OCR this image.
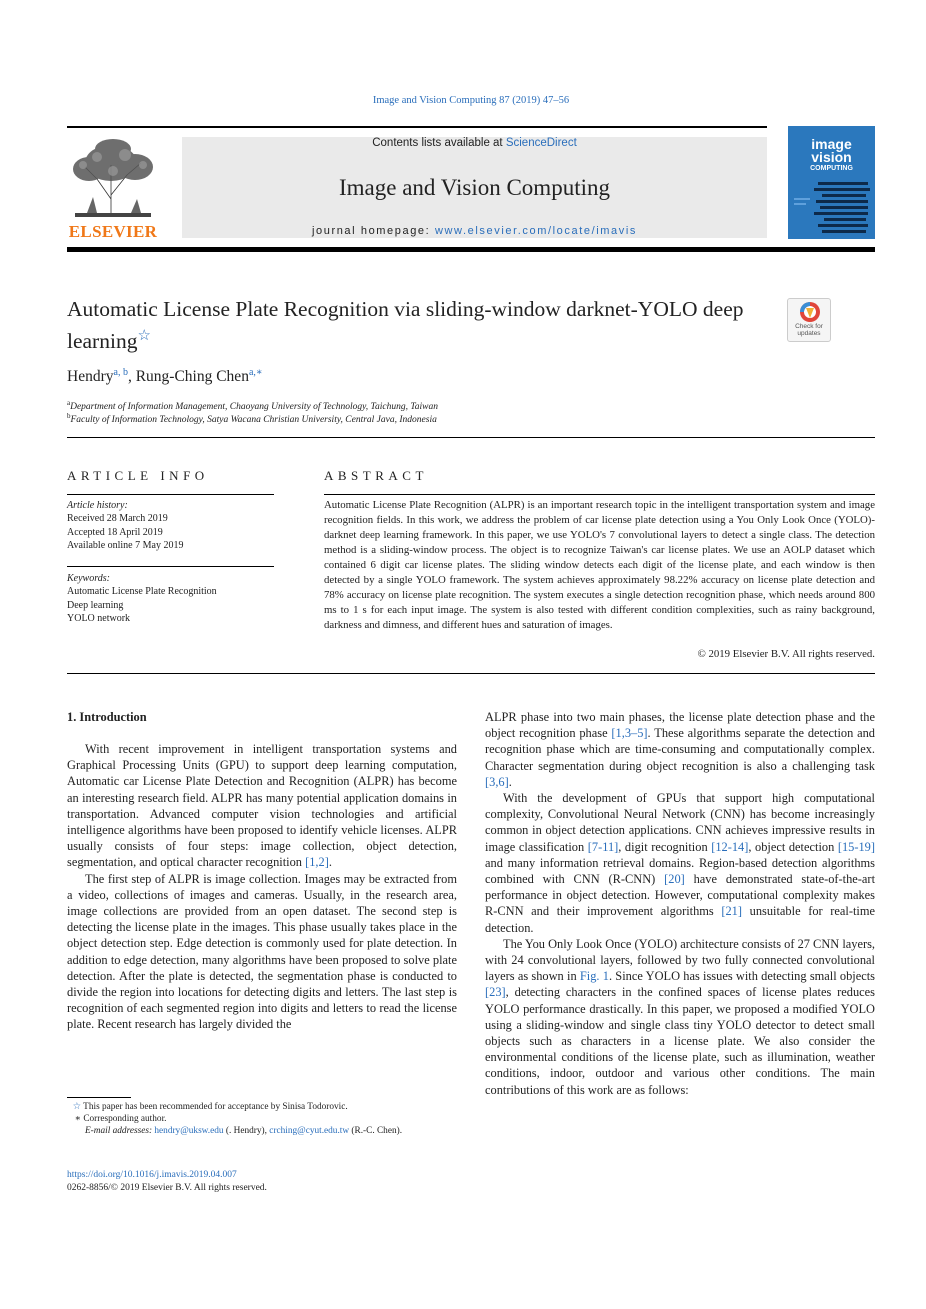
Image and Vision Computing 87 (2019) 47–56
ELSEVIER
Contents lists available at ScienceDirect
Image and Vision Computing
journal homepage: www.elsevier.com/locate/imavis
image
vision
COMPUTING
Automatic License Plate Recognition via sliding-window darknet-YOLO deep learning☆
Check for
updates
Hendry$^{a, b}$, Rung-Ching Chen$^{a,∗}$
$^a$Department of Information Management, Chaoyang University of Technology, Taichung, Taiwan
$^b$Faculty of Information Technology, Satya Wacana Christian University, Central Java, Indonesia
ARTICLE INFO
Article history:
Received 28 March 2019
Accepted 18 April 2019
Available online 7 May 2019
Keywords:
Automatic License Plate Recognition
Deep learning
YOLO network
ABSTRACT
Automatic License Plate Recognition (ALPR) is an important research topic in the intelligent transportation system and image recognition fields. In this work, we address the problem of car license plate detection using a You Only Look Once (YOLO)-darknet deep learning framework. In this paper, we use YOLO's 7 convolutional layers to detect a single class. The detection method is a sliding-window process. The object is to recognize Taiwan's car license plates. We use an AOLP dataset which contained 6 digit car license plates. The sliding window detects each digit of the license plate, and each window is then detected by a single YOLO framework. The system achieves approximately 98.22% accuracy on license plate detection and 78% accuracy on license plate recognition. The system executes a single detection recognition phase, which needs around 800 ms to 1 s for each input image. The system is also tested with different condition complexities, such as rainy background, darkness and dimness, and different hues and saturation of images.
© 2019 Elsevier B.V. All rights reserved.
1. Introduction

With recent improvement in intelligent transportation systems and Graphical Processing Units (GPU) to support deep learning computation, Automatic car License Plate Detection and Recognition (ALPR) has become an interesting research field. ALPR has many potential application domains in transportation. Advanced computer vision technologies and artificial intelligence algorithms have been proposed to identify vehicle licenses. ALPR usually consists of four steps: image collection, object detection, segmentation, and optical character recognition [1,2].

The first step of ALPR is image collection. Images may be extracted from a video, collections of images and cameras. Usually, in the research area, image collections are provided from an open dataset. The second step is detecting the license plate in the images. This phase usually takes place in the object detection step. Edge detection is commonly used for plate detection. In addition to edge detection, many algorithms have been proposed to solve plate detection. After the plate is detected, the segmentation phase is conducted to divide the region into locations for detecting digits and letters. The last step is recognition of each segmented region into digits and letters to read the license plate. Recent research has largely divided the

ALPR phase into two main phases, the license plate detection phase and the object recognition phase [1,3–5]. These algorithms separate the detection and recognition phase which are time-consuming and computationally complex. Character segmentation during object recognition is also a challenging task [3,6].

With the development of GPUs that support high computational complexity, Convolutional Neural Network (CNN) has become increasingly common in object detection applications. CNN achieves impressive results in image classification [7-11], digit recognition [12-14], object detection [15-19] and many information retrieval domains. Region-based detection algorithms combined with CNN (R-CNN) [20] have demonstrated state-of-the-art performance in object detection. However, computational complexity makes R-CNN and their improvement algorithms [21] unsuitable for real-time detection.

The You Only Look Once (YOLO) architecture consists of 27 CNN layers, with 24 convolutional layers, followed by two fully connected convolutional layers as shown in Fig. 1. Since YOLO has issues with detecting small objects [23], detecting characters in the confined spaces of license plates reduces YOLO performance drastically. In this paper, we proposed a modified YOLO using a sliding-window and single class tiny YOLO detector to detect small objects such as characters in a license plate. We also consider the environmental conditions of the license plate, such as illumination, weather conditions, indoor, outdoor and various other conditions. The main contributions of this work are as follows:

☆ This paper has been recommended for acceptance by Sinisa Todorovic.
∗ Corresponding author.
E-mail addresses: hendry@uksw.edu (. Hendry), crching@cyut.edu.tw (R.-C. Chen).
https://doi.org/10.1016/j.imavis.2019.04.007
0262-8856/© 2019 Elsevier B.V. All rights reserved.
